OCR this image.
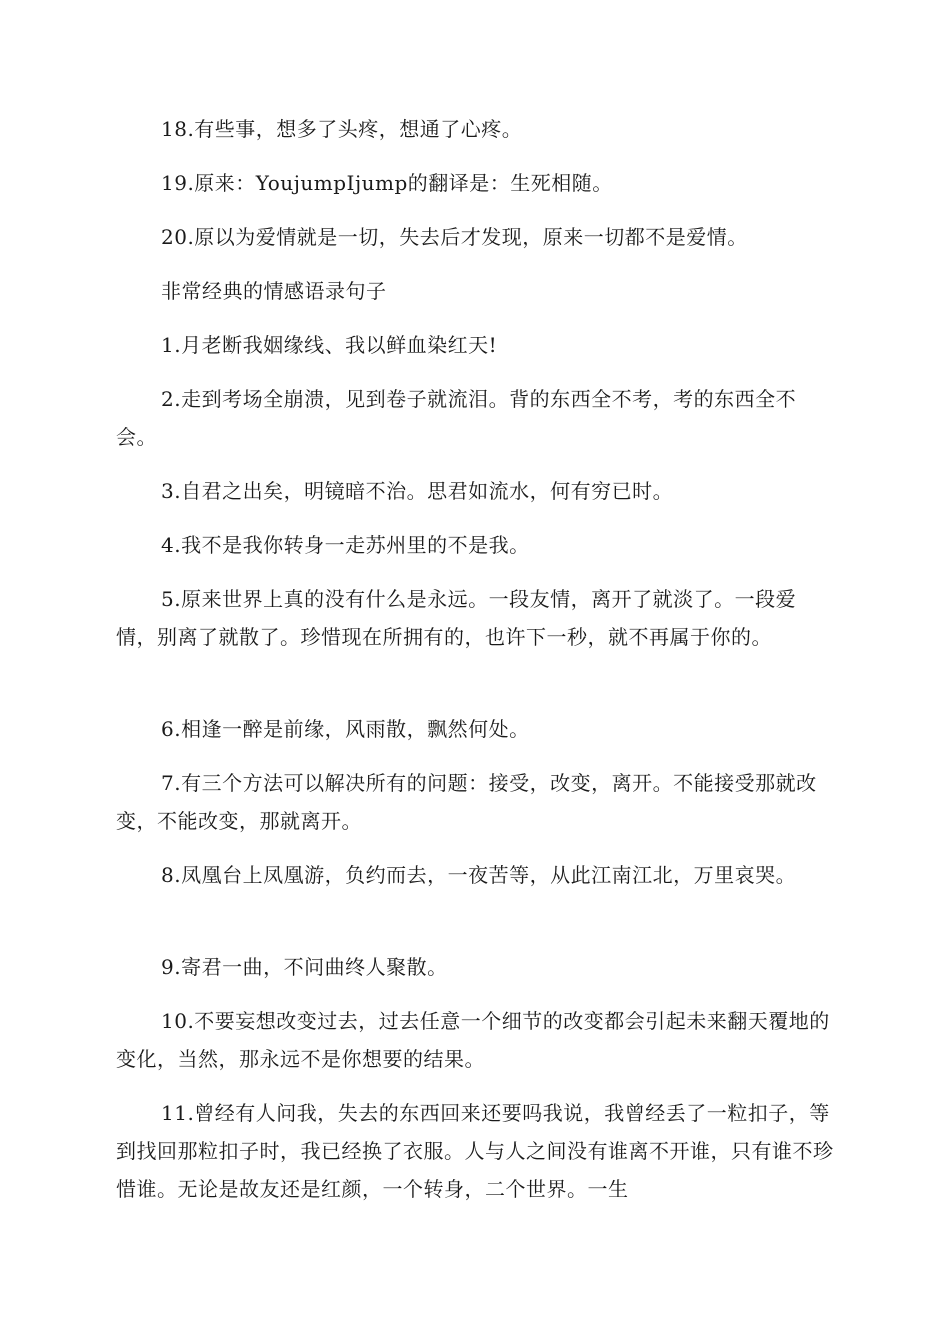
18.有些事，想多了头疼，想通了心疼。

19.原来：YoujumpIjump的翻译是：生死相随。

20.原以为爱情就是一切，失去后才发现，原来一切都不是爱情。

非常经典的情感语录句子

1.月老断我姻缘线、我以鲜血染红天!

2.走到考场全崩溃，见到卷子就流泪。背的东西全不考，考的东西全不会。

3.自君之出矣，明镜暗不治。思君如流水，何有穷已时。

4.我不是我你转身一走苏州里的不是我。

5.原来世界上真的没有什么是永远。一段友情，离开了就淡了。一段爱情，别离了就散了。珍惜现在所拥有的，也许下一秒，就不再属于你的。

6.相逢一醉是前缘，风雨散，飘然何处。

7.有三个方法可以解决所有的问题：接受，改变，离开。不能接受那就改变，不能改变，那就离开。

8.凤凰台上凤凰游，负约而去，一夜苦等，从此江南江北，万里哀哭。

9.寄君一曲，不问曲终人聚散。

10.不要妄想改变过去，过去任意一个细节的改变都会引起未来翻天覆地的变化，当然，那永远不是你想要的结果。

11.曾经有人问我，失去的东西回来还要吗我说，我曾经丢了一粒扣子，等到找回那粒扣子时，我已经换了衣服。人与人之间没有谁离不开谁，只有谁不珍惜谁。无论是故友还是红颜，一个转身，二个世界。一生
